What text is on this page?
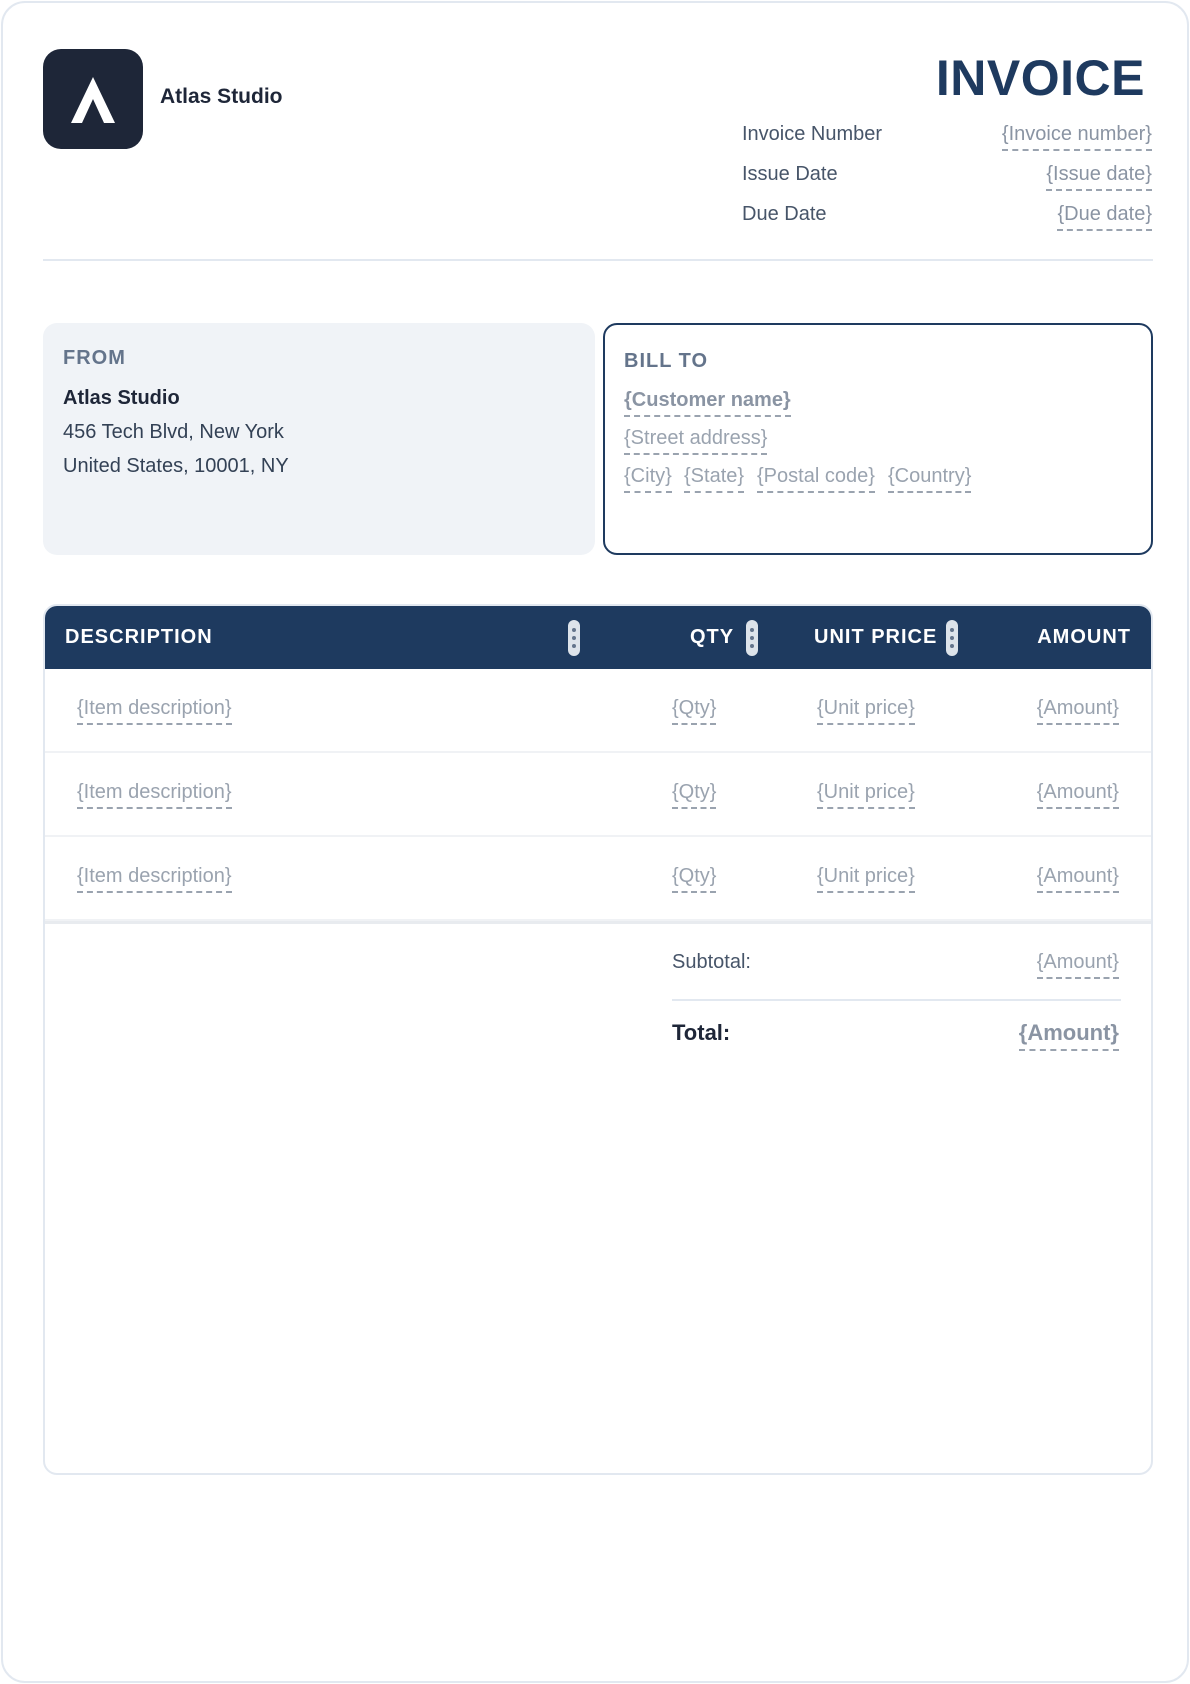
Atlas Studio	INVOICE
Invoice Number	{Invoice number}
Issue Date	{Issue date}
Due Date	{Due date}
FROM
Atlas Studio
456 Tech Blvd, New York
United States, 10001, NY
BILL TO
{Customer name}
{Street address}
{City} {State} {Postal code} {Country}
DESCRIPTION	QTY	UNIT PRICE	AMOUNT
{Item description}	{Qty}	{Unit price}	{Amount}
{Item description}	{Qty}	{Unit price}	{Amount}
{Item description}	{Qty}	{Unit price}	{Amount}
Subtotal:	{Amount}
Total:	{Amount}
